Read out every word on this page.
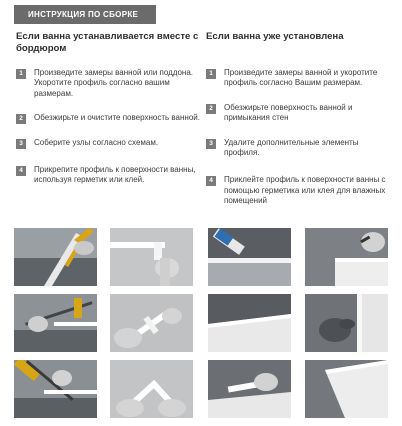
ИНСТРУКЦИЯ ПО СБОРКЕ
Если ванна устанавливается вместе с бордюром
1	Произведите замеры ванной или поддона. Укоротите профиль согласно вашим размерам.
2	Обезжирьте и очистите поверхность ванной.
3	Соберите узлы согласно схемам.
4	Прикрепите профиль к поверхности ванны, используя герметик или клей.
Если ванна уже установлена
1	Произведите замеры ванной и укоротите профиль согласно Вашим размерам.
2	Обезжирьте поверхность ванной и примыкания стен
3	Удалите дополнительные элементы профиля.
4	Приклейте профиль к поверхности ванны с помощью герметика или клея для влажных помещений
